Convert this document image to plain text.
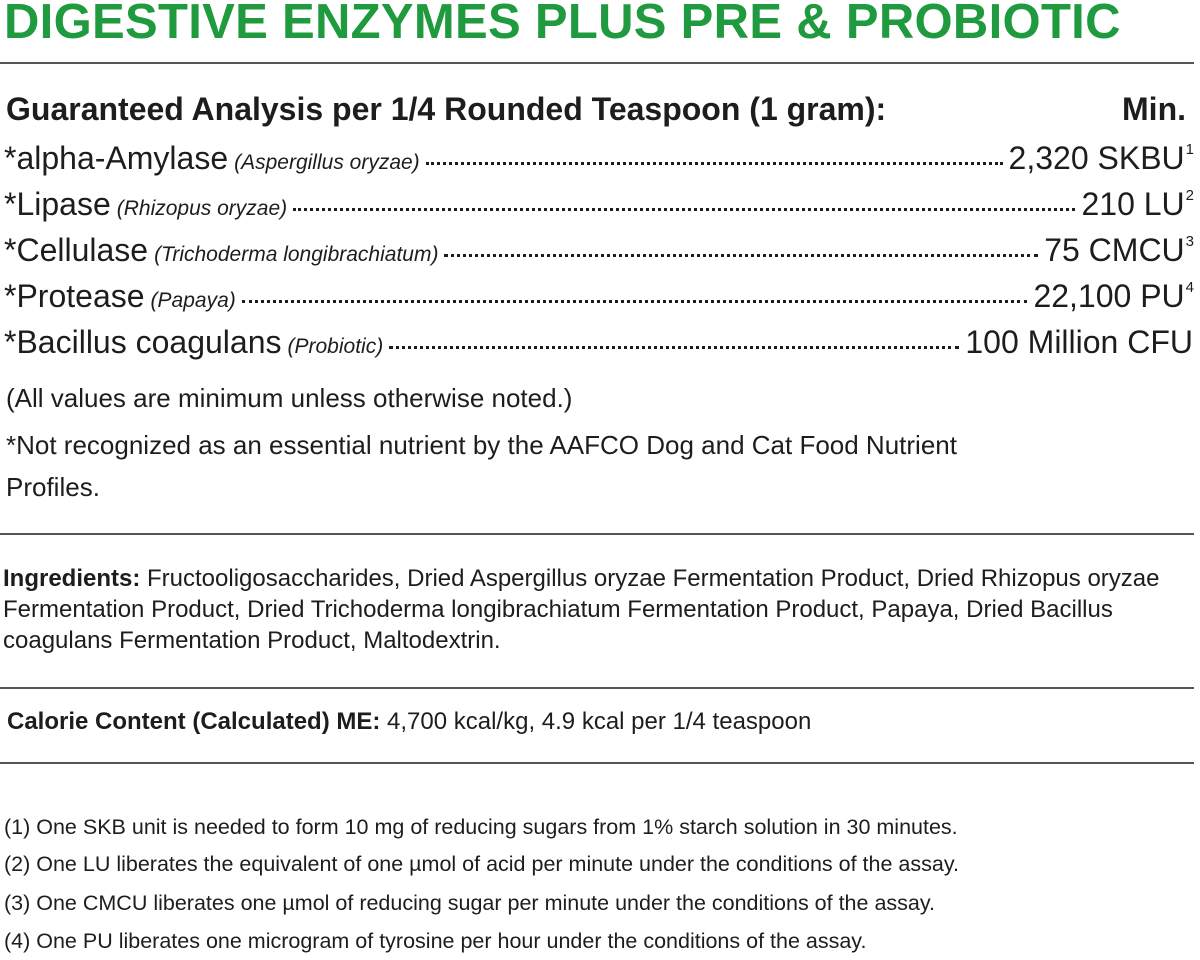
DIGESTIVE ENZYMES PLUS PRE & PROBIOTIC
Guaranteed Analysis per 1/4 Rounded Teaspoon (1 gram):	Min.
*alpha-Amylase (Aspergillus oryzae)	2,320 SKBU 1
*Lipase (Rhizopus oryzae)	210 LU 2
*Cellulase (Trichoderma longibrachiatum)	75 CMCU 3
*Protease (Papaya)	22,100 PU 4
*Bacillus coagulans (Probiotic)	100 Million CFU
(All values are minimum unless otherwise noted.)
*Not recognized as an essential nutrient by the AAFCO Dog and Cat Food Nutrient Profiles.
Ingredients: Fructooligosaccharides, Dried Aspergillus oryzae Fermentation Product, Dried Rhizopus oryzae Fermentation Product, Dried Trichoderma longibrachiatum Fermentation Product, Papaya, Dried Bacillus coagulans Fermentation Product, Maltodextrin.
Calorie Content (Calculated) ME: 4,700 kcal/kg, 4.9 kcal per 1/4 teaspoon
(1) One SKB unit is needed to form 10 mg of reducing sugars from 1% starch solution in 30 minutes.
(2) One LU liberates the equivalent of one µmol of acid per minute under the conditions of the assay.
(3) One CMCU liberates one µmol of reducing sugar per minute under the conditions of the assay.
(4) One PU liberates one microgram of tyrosine per hour under the conditions of the assay.
